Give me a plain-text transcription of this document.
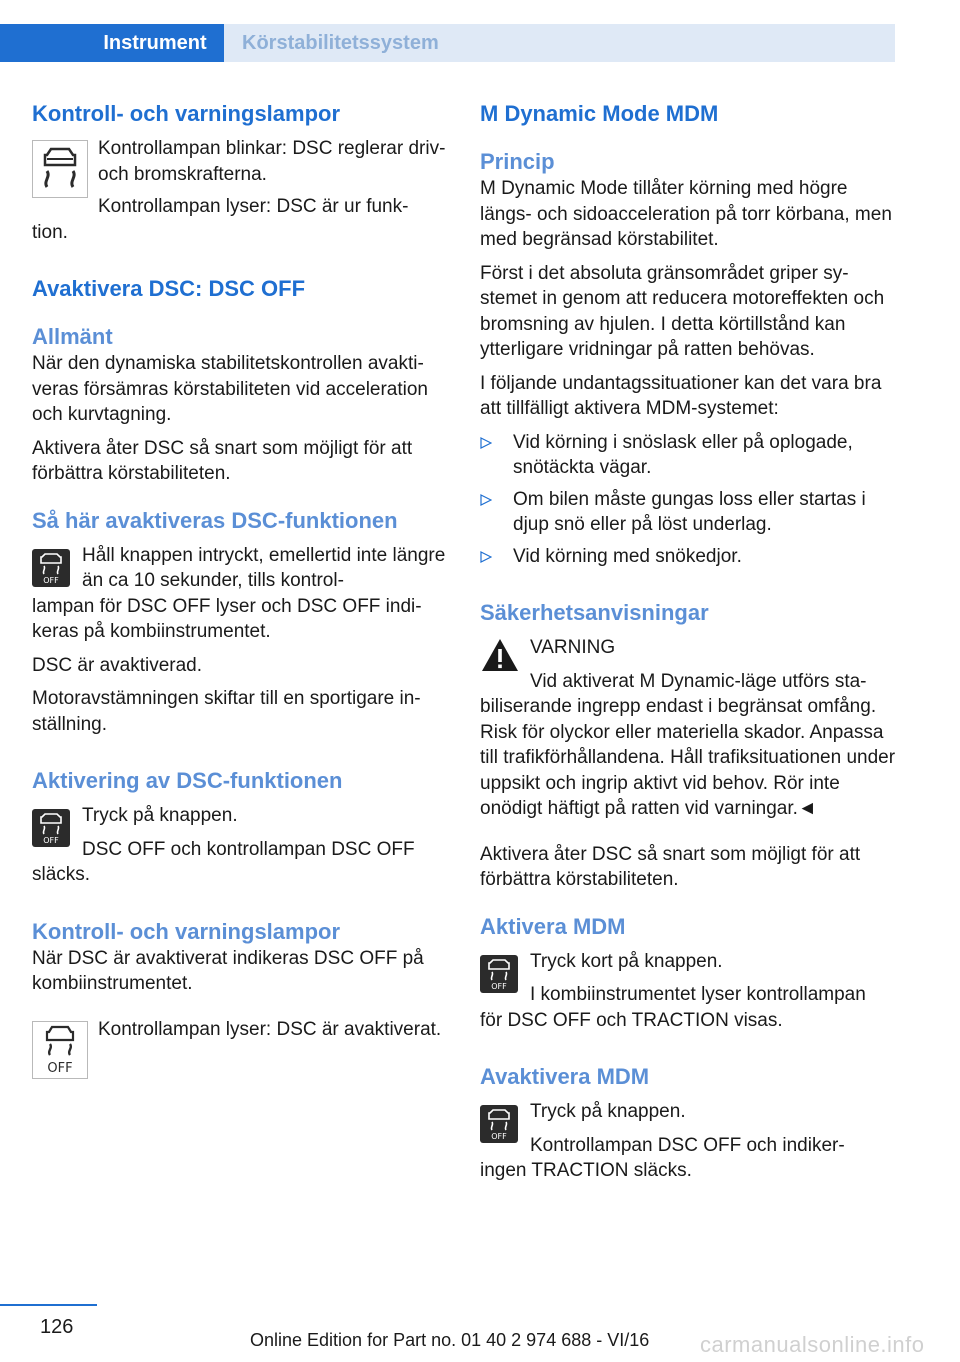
Instrument	Körstabilitetssystem
Kontroll- och varningslampor

Kontrollampan blinkar: DSC reglerar driv- och bromskrafterna.

Kontrollampan lyser: DSC är ur funk-

tion.

Avaktivera DSC: DSC OFF
Allmänt

När den dynamiska stabilitetskontrollen avaktiveras försämras körstabiliteten vid acceleration och kurvtagning.

Aktivera åter DSC så snart som möjligt för att förbättra körstabiliteten.

Så här avaktiveras DSC-funktionen
OFF

Håll knappen intryckt, emellertid inte längre än ca 10 sekunder, tills kontrol-

lampan för DSC OFF lyser och DSC OFF indikeras på kombiinstrumentet.

DSC är avaktiverad.

Motoravstämningen skiftar till en sportigare inställning.

Aktivering av DSC-funktionen
OFF

Tryck på knappen.

DSC OFF och kontrollampan DSC OFF

släcks.

Kontroll- och varningslampor

När DSC är avaktiverat indikeras DSC OFF på kombiinstrumentet.

OFF

Kontrollampan lyser: DSC är avaktiverat.

M Dynamic Mode MDM
Princip

M Dynamic Mode tillåter körning med högre längs- och sidoacceleration på torr körbana, men med begränsad körstabilitet.

Först i det absoluta gränsområdet griper systemet in genom att reducera motoreffekten och bromsning av hjulen. I detta körtillstånd kan ytterligare vridningar på ratten behövas.

I följande undantagssituationer kan det vara bra att tillfälligt aktivera MDM-systemet:

Vid körning i snöslask eller på oplogade, snötäckta vägar.
Om bilen måste gungas loss eller startas i djup snö eller på löst underlag.
Vid körning med snökedjor.
Säkerhetsanvisningar

VARNING

Vid aktiverat M Dynamic-läge utförs sta-

biliserande ingrepp endast i begränsat omfång. Risk för olyckor eller materiella skador. Anpassa till trafikförhållandena. Håll trafiksituationen under uppsikt och ingrip aktivt vid behov. Rör inte onödigt häftigt på ratten vid varningar.◄

Aktivera åter DSC så snart som möjligt för att förbättra körstabiliteten.

Aktivera MDM
OFF

Tryck kort på knappen.

I kombiinstrumentet lyser kontrollampan

för DSC OFF och TRACTION visas.

Avaktivera MDM
OFF

Tryck på knappen.

Kontrollampan DSC OFF och indiker-

ingen TRACTION släcks.

126
Online Edition for Part no. 01 40 2 974 688 - VI/16 carmanualsonline.info
